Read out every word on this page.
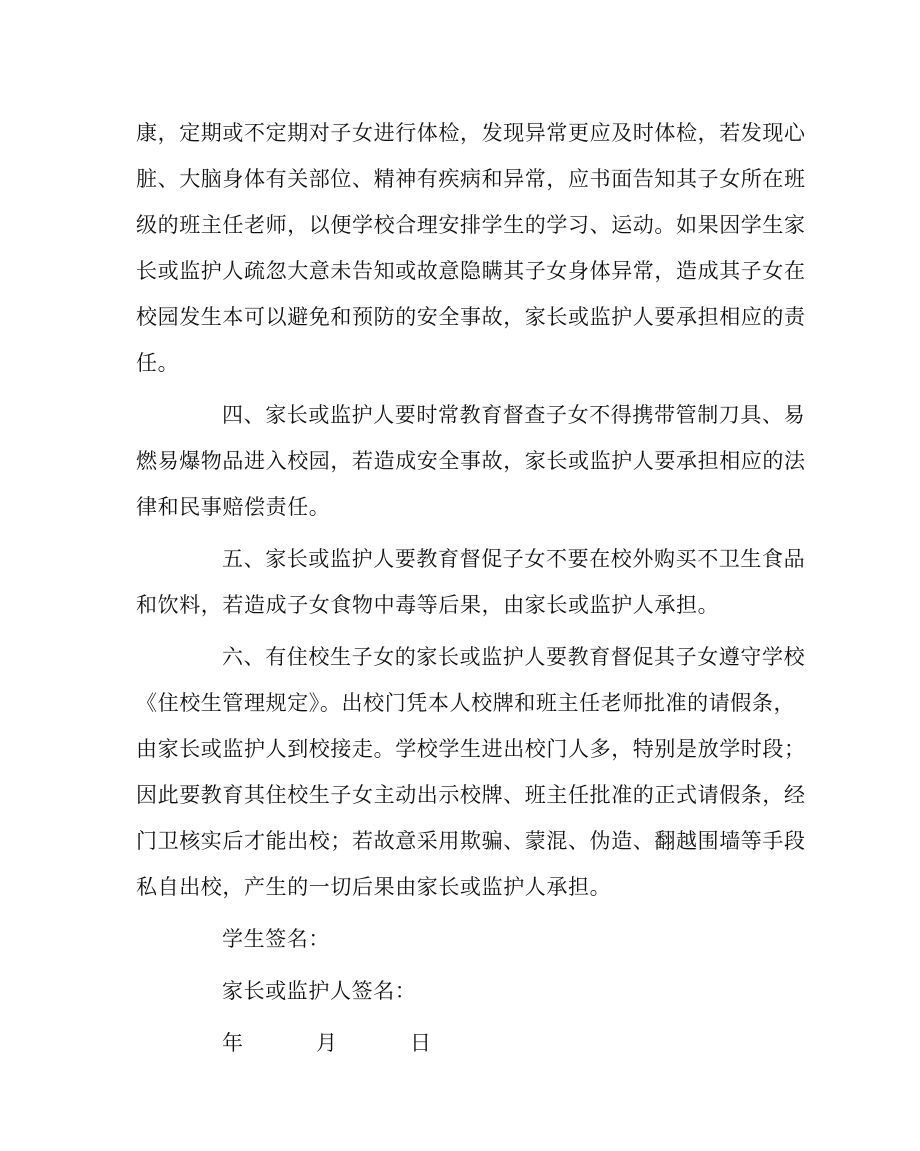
康，定期或不定期对子女进行体检，发现异常更应及时体检，若发现心
脏、大脑身体有关部位、精神有疾病和异常，应书面告知其子女所在班
级的班主任老师，以便学校合理安排学生的学习、运动。如果因学生家
长或监护人疏忽大意未告知或故意隐瞒其子女身体异常，造成其子女在
校园发生本可以避免和预防的安全事故，家长或监护人要承担相应的责
任。
四、家长或监护人要时常教育督查子女不得携带管制刀具、易
燃易爆物品进入校园，若造成安全事故，家长或监护人要承担相应的法
律和民事赔偿责任。
五、家长或监护人要教育督促子女不要在校外购买不卫生食品
和饮料，若造成子女食物中毒等后果，由家长或监护人承担。
六、有住校生子女的家长或监护人要教育督促其子女遵守学校
《住校生管理规定》。出校门凭本人校牌和班主任老师批准的请假条，
由家长或监护人到校接走。学校学生进出校门人多，特别是放学时段；
因此要教育其住校生子女主动出示校牌、班主任批准的正式请假条，经
门卫核实后才能出校；若故意采用欺骗、蒙混、伪造、翻越围墙等手段
私自出校，产生的一切后果由家长或监护人承担。
学生签名：
家长或监护人签名：
年	月	日
